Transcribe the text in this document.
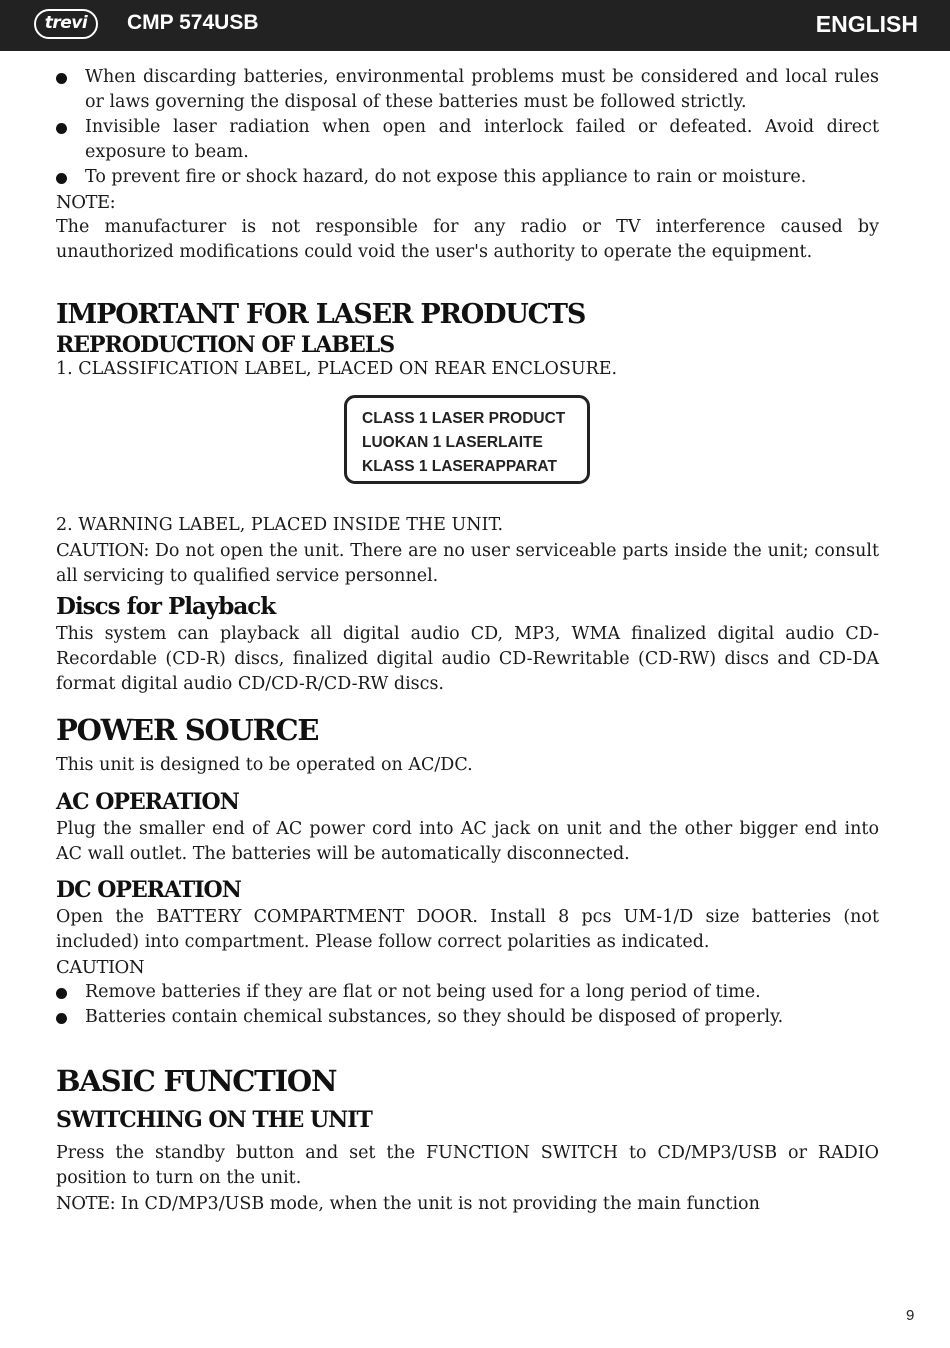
trevi	CMP 574USB	ENGLISH

When discarding batteries, environmental problems must be considered and local rules or laws governing the disposal of these batteries must be followed strictly.

Invisible laser radiation when open and interlock failed or defeated. Avoid direct exposure to beam.

To prevent fire or shock hazard, do not expose this appliance to rain or moisture.

NOTE:

The manufacturer is not responsible for any radio or TV interference caused by unauthorized modifications could void the user's authority to operate the equipment.

IMPORTANT FOR LASER PRODUCTS
REPRODUCTION OF LABELS

1. CLASSIFICATION LABEL, PLACED ON REAR ENCLOSURE.

CLASS 1 LASER PRODUCT
LUOKAN 1 LASERLAITE
KLASS 1 LASERAPPARAT

2. WARNING LABEL, PLACED INSIDE THE UNIT.

CAUTION: Do not open the unit. There are no user serviceable parts inside the unit; consult all servicing to qualified service personnel.

Discs for Playback

This system can playback all digital audio CD, MP3, WMA finalized digital audio CD-Recordable (CD-R) discs, finalized digital audio CD-Rewritable (CD-RW) discs and CD-DA format digital audio CD/CD-R/CD-RW discs.

POWER SOURCE

This unit is designed to be operated on AC/DC.

AC OPERATION

Plug the smaller end of AC power cord into AC jack on unit and the other bigger end into AC wall outlet. The batteries will be automatically disconnected.

DC OPERATION

Open the BATTERY COMPARTMENT DOOR. Install 8 pcs UM-1/D size batteries (not included) into compartment. Please follow correct polarities as indicated.

CAUTION

Remove batteries if they are flat or not being used for a long period of time.

Batteries contain chemical substances, so they should be disposed of properly.

BASIC FUNCTION
SWITCHING ON THE UNIT

Press the standby button and set the FUNCTION SWITCH to CD/MP3/USB or RADIO position to turn on the unit.

NOTE: In CD/MP3/USB mode, when the unit is not providing the main function

9
